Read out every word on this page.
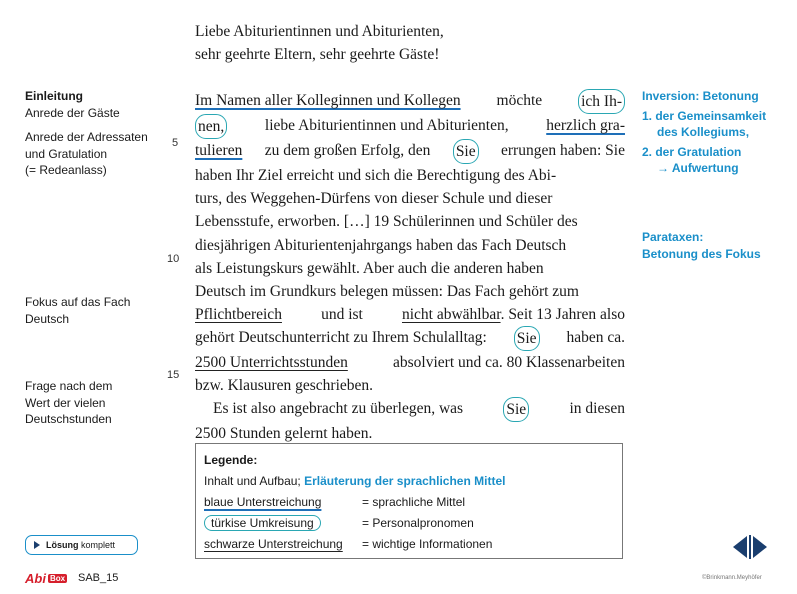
Liebe Abiturientinnen und Abiturienten,
sehr geehrte Eltern, sehr geehrte Gäste!
Einleitung
Anrede der Gäste
Anrede der Adressaten
und Gratulation
(= Redeanlass)
Fokus auf das Fach
Deutsch
Frage nach dem
Wert der vielen
Deutschstunden
5
10
15
Im Namen aller Kolleginnen und Kollegen möchte	ich Ih-
nen,	liebe Abiturientinnen und Abiturienten, herzlich gra-
tulieren zu dem großen Erfolg, den Sie errungen haben: Sie
haben Ihr Ziel erreicht und sich die Berechtigung des Abi-
turs, des Weggehen-Dürfens von dieser Schule und dieser
Lebensstufe, erworben. […] 19 Schülerinnen und Schüler des
diesjährigen Abiturientenjahrgangs haben das Fach Deutsch
als Leistungskurs gewählt. Aber auch die anderen haben
Deutsch im Grundkurs belegen müssen: Das Fach gehört zum
Pflichtbereich	und ist	nicht abwählbar. Seit 13 Jahren also
gehört Deutschunterricht zu Ihrem Schulalltag: Sie haben ca.
2500 Unterrichtsstunden	absolviert und ca. 80 Klassenarbeiten
bzw. Klausuren geschrieben.
Es ist also angebracht zu überlegen, was	Sie	in diesen
2500 Stunden gelernt haben.
Inversion: Betonung
1. der Gemeinsamkeit
des Kollegiums,
2. der Gratulation
→ Aufwertung
Parataxen:
Betonung des Fokus
Legende:
Inhalt und Aufbau; Erläuterung der sprachlichen Mittel
blaue Unterstreichung	= sprachliche Mittel
türkise Umkreisung	= Personalpronomen
schwarze Unterstreichung	= wichtige Informationen
Lösung komplett
Abi Box SAB_15	©Brinkmann.Meyhöfer
